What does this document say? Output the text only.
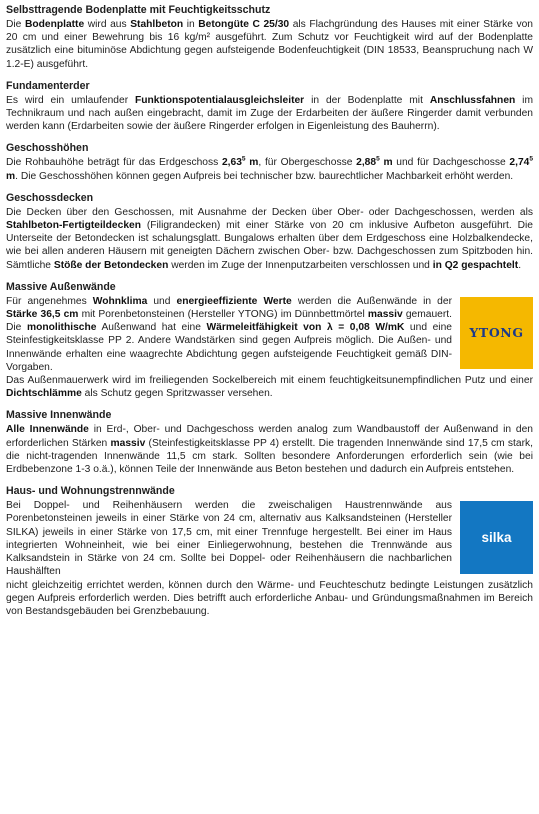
Selbsttragende Bodenplatte mit Feuchtigkeitsschutz

Die Bodenplatte wird aus Stahlbeton in Betongüte C 25/30 als Flachgründung des Hauses mit einer Stärke von 20 cm und einer Bewehrung bis 16 kg/m² ausgeführt. Zum Schutz vor Feuchtigkeit wird auf der Bodenplatte zusätzlich eine bituminöse Abdichtung gegen aufsteigende Bodenfeuchtigkeit (DIN 18533, Beanspruchung nach W 1.2-E) ausgeführt.

Fundamenterder

Es wird ein umlaufender Funktionspotentialausgleichsleiter in der Bodenplatte mit Anschlussfahnen im Technikraum und nach außen eingebracht, damit im Zuge der Erdarbeiten der äußere Ringerder damit verbunden werden kann (Erdarbeiten sowie der äußere Ringerder erfolgen in Eigenleistung des Bauherrn).

Geschosshöhen

Die Rohbauhöhe beträgt für das Erdgeschoss 2,63$^5$ m, für Obergeschosse 2,88$^5$ m und für Dachgeschosse 2,74$^5$ m. Die Geschosshöhen können gegen Aufpreis bei technischer bzw. baurechtlicher Machbarkeit erhöht werden.

Geschossdecken

Die Decken über den Geschossen, mit Ausnahme der Decken über Ober- oder Dachgeschossen, werden als Stahlbeton-Fertigteildecken (Filigrandecken) mit einer Stärke von 20 cm inklusive Aufbeton ausgeführt. Die Unterseite der Betondecken ist schalungsglatt. Bungalows erhalten über dem Erdgeschoss eine Holzbalkendecke, wie bei allen anderen Häusern mit geneigten Dächern zwischen Ober- bzw. Dachgeschossen zum Spitzboden hin. Sämtliche Stöße der Betondecken werden im Zuge der Innenputzarbeiten verschlossen und in Q2 gespachtelt.

Massive Außenwände

Für angenehmes Wohnklima und energieeffiziente Werte werden die Außenwände in der Stärke 36,5 cm mit Porenbetonsteinen (Hersteller YTONG) im Dünnbettmörtel massiv gemauert. Die monolithische Außenwand hat eine Wärmeleitfähigkeit von λ = 0,08 W/mK und eine Steinfestigkeitsklasse PP 2. Andere Wandstärken sind gegen Aufpreis möglich. Die Außen- und Innenwände erhalten eine waagrechte Abdichtung gegen aufsteigende Feuchtigkeit gemäß DIN-Vorgaben.

YTONG

Das Außenmauerwerk wird im freiliegenden Sockelbereich mit einem feuchtigkeitsunempfindlichen Putz und einer Dichtschlämme als Schutz gegen Spritzwasser versehen.

Massive Innenwände

Alle Innenwände in Erd-, Ober- und Dachgeschoss werden analog zum Wandbaustoff der Außenwand in den erforderlichen Stärken massiv (Steinfestigkeitsklasse PP 4) erstellt. Die tragenden Innenwände sind 17,5 cm stark, die nicht-tragenden Innenwände 11,5 cm stark. Sollten besondere Anforderungen erforderlich sein (wie bei Erdbebenzone 1-3 o.ä.), können Teile der Innenwände aus Beton bestehen und dadurch ein Aufpreis entstehen.

Haus- und Wohnungstrennwände

Bei Doppel- und Reihenhäusern werden die zweischaligen Haustrennwände aus Porenbetonsteinen jeweils in einer Stärke von 24 cm, alternativ aus Kalksandsteinen (Hersteller SILKA) jeweils in einer Stärke von 17,5 cm, mit einer Trennfuge hergestellt. Bei einer im Haus integrierten Wohneinheit, wie bei einer Einliegerwohnung, bestehen die Trennwände aus Kalksandstein in Stärke von 24 cm. Sollte bei Doppel- oder Reihenhäusern die nachbarlichen Haushälften

silka

nicht gleichzeitig errichtet werden, können durch den Wärme- und Feuchteschutz bedingte Leistungen zusätzlich gegen Aufpreis erforderlich werden. Dies betrifft auch erforderliche Anbau- und Gründungsmaßnahmen im Bereich von Bestandsgebäuden bei Grenzbebauung.
